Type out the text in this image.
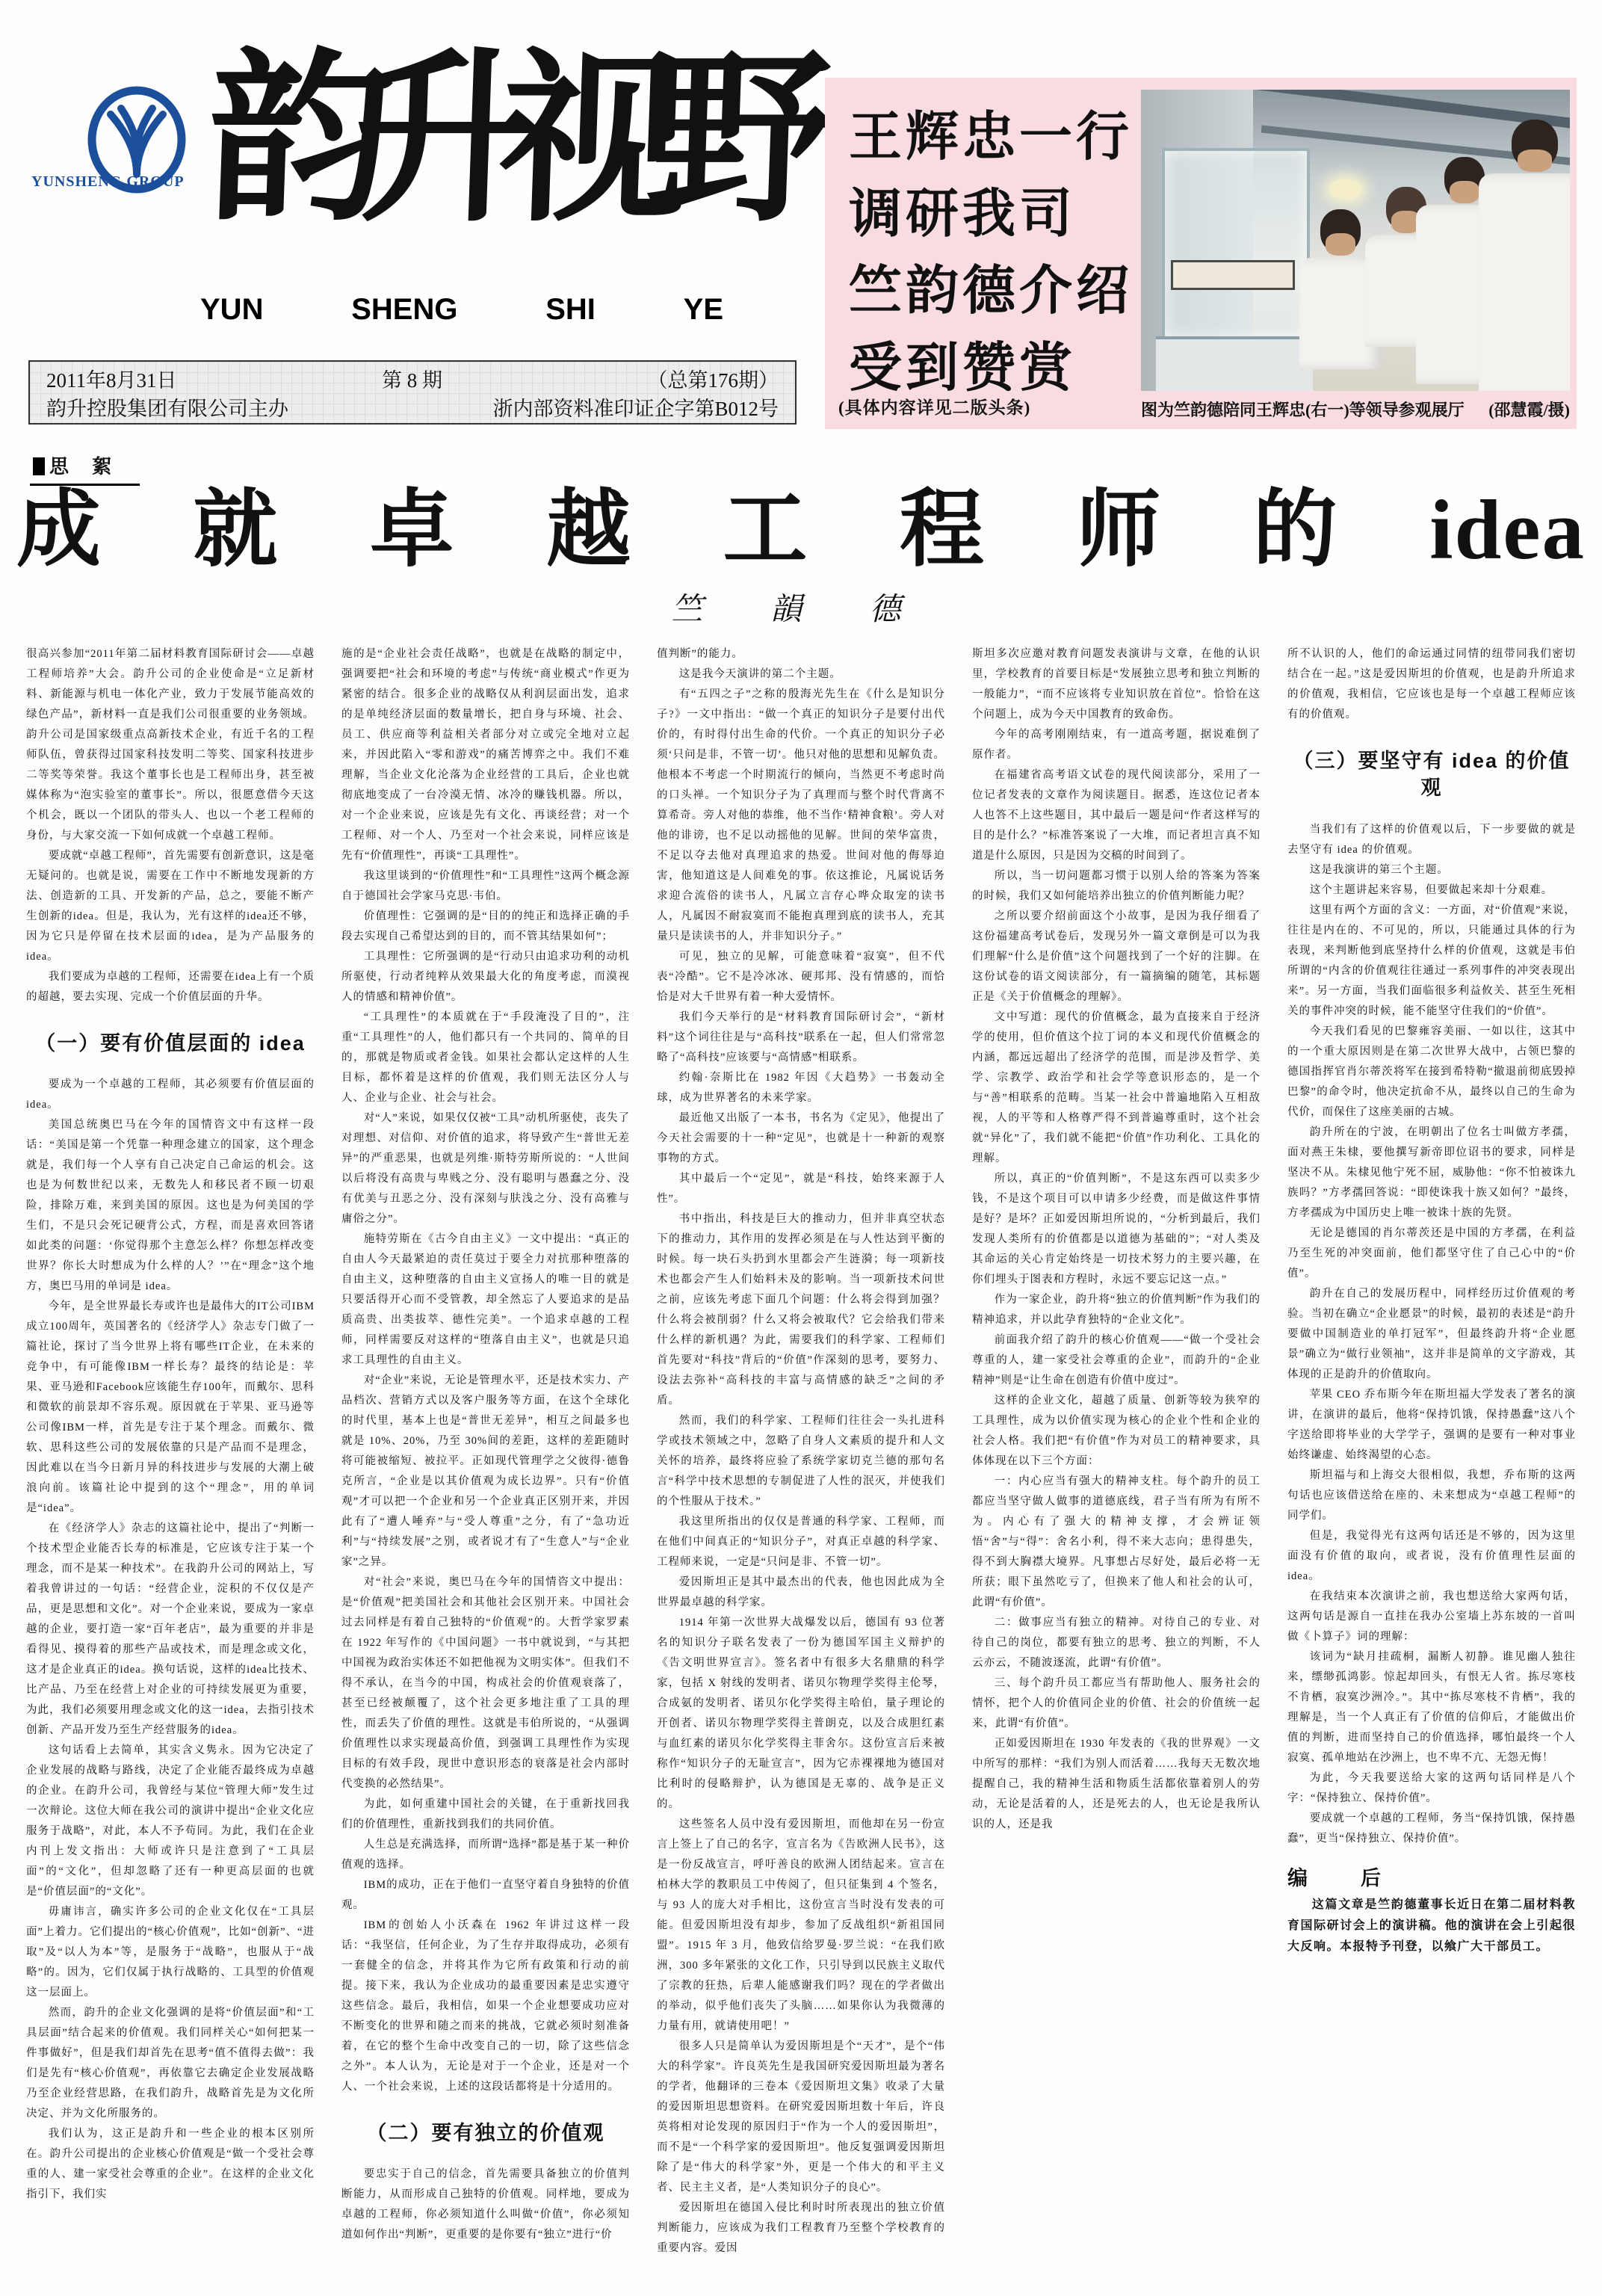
YUNSHENG GROUP 韵升视野
YUN	SHENG	SHI	YE
2011年8月31日	第 8 期	（总第176期）
韵升控股集团有限公司主办	浙内部资料准印证企字第B012号
王辉忠一行
调研我司
竺韵德介绍
受到赞赏
(具体内容详见二版头条)	图为竺韵德陪同王辉忠(右一)等领导参观展厅 (邵慧霞/摄)
思 絮
成 就 卓 越 工 程 师 的 idea
竺 韻 德

很高兴参加“2011年第二届材料教育国际研讨会——卓越工程师培养”大会。韵升公司的企业使命是“立足新材料、新能源与机电一体化产业，致力于发展节能高效的绿色产品”，新材料一直是我们公司很重要的业务领域。韵升公司是国家级重点高新技术企业，有近千名的工程师队伍，曾获得过国家科技发明二等奖、国家科技进步二等奖等荣誉。我这个董事长也是工程师出身，甚至被媒体称为“泡实验室的董事长”。所以，很愿意借今天这个机会，既以一个团队的带头人、也以一个老工程师的身份，与大家交流一下如何成就一个卓越工程师。

要成就“卓越工程师”，首先需要有创新意识，这是毫无疑问的。也就是说，需要在工作中不断地发现新的方法、创造新的工具、开发新的产品，总之，要能不断产生创新的idea。但是，我认为，光有这样的idea还不够，因为它只是停留在技术层面的idea，是为产品服务的idea。

我们要成为卓越的工程师，还需要在idea上有一个质的超越，要去实现、完成一个价值层面的升华。

（一）要有价值层面的 idea

要成为一个卓越的工程师，其必须要有价值层面的idea。

美国总统奥巴马在今年的国情咨文中有这样一段话：“美国是第一个凭靠一种理念建立的国家，这个理念就是，我们每一个人享有自己决定自己命运的机会。这也是为何数世纪以来，无数先人和移民者不顾一切艰险，排除万难，来到美国的原因。这也是为何美国的学生们，不是只会死记硬背公式，方程，而是喜欢回答诸如此类的问题：‘你觉得那个主意怎么样？你想怎样改变世界？你长大时想成为什么样的人？’”在“理念”这个地方，奥巴马用的单词是 idea。

今年，是全世界最长寿或许也是最伟大的IT公司IBM成立100周年，英国著名的《经济学人》杂志专门做了一篇社论，探讨了当今世界上将有哪些IT企业，在未来的竞争中，有可能像IBM一样长寿？最终的结论是：苹果、亚马逊和Facebook应该能生存100年，而戴尔、思科和微软的前景却不容乐观。原因就在于苹果、亚马逊等公司像IBM一样，首先是专注于某个理念。而戴尔、微软、思科这些公司的发展依靠的只是产品而不是理念，因此难以在当今日新月异的科技进步与发展的大潮上破浪向前。该篇社论中提到的这个“理念”，用的单词是“idea”。

在《经济学人》杂志的这篇社论中，提出了“判断一个技术型企业能否长寿的标准是，它应该专注于某一个理念，而不是某一种技术”。在我韵升公司的网站上，写着我曾讲过的一句话：“经营企业，淀积的不仅仅是产品，更是思想和文化”。对一个企业来说，要成为一家卓越的企业，要打造一家“百年老店”，最为重要的并非是看得见、摸得着的那些产品或技术，而是理念或文化，这才是企业真正的idea。换句话说，这样的idea比技术、比产品、乃至在经营上对企业的可持续发展更为重要，为此，我们必须要用理念或文化的这一idea，去指引技术创新、产品开发乃至生产经营服务的idea。

这句话看上去简单，其实含义隽永。因为它决定了企业发展的战略与路线，决定了企业能否最终成为卓越的企业。在韵升公司，我曾经与某位“管理大师”发生过一次辩论。这位大师在我公司的演讲中提出“企业文化应服务于战略”，对此，本人不予苟同。为此，我们在企业内刊上发文指出：大师或许只是注意到了“工具层面”的“文化”，但却忽略了还有一种更高层面的也就是“价值层面”的“文化”。

毋庸讳言，确实许多公司的企业文化仅在“工具层面”上着力。它们提出的“核心价值观”，比如“创新”、“进取”及“以人为本”等，是服务于“战略”，也服从于“战略”的。因为，它们仅属于执行战略的、工具型的价值观这一层面上。

然而，韵升的企业文化强调的是将“价值层面”和“工具层面”结合起来的价值观。我们同样关心“如何把某一件事做好”，但是我们却首先在思考“值不值得去做”：我们是先有“核心价值观”，再依靠它去确定企业发展战略乃至企业经营思路，在我们韵升，战略首先是为文化所决定、并为文化所服务的。

我们认为，这正是韵升和一些企业的根本区别所在。韵升公司提出的企业核心价值观是“做一个受社会尊重的人、建一家受社会尊重的企业”。在这样的企业文化指引下，我们实

施的是“企业社会责任战略”，也就是在战略的制定中，强调要把“社会和环境的考虑”与传统“商业模式”作更为紧密的结合。很多企业的战略仅从利润层面出发，追求的是单纯经济层面的数量增长，把自身与环境、社会、员工、供应商等利益相关者部分对立或完全地对立起来，并因此陷入“零和游戏”的痛苦博弈之中。我们不难理解，当企业文化沦落为企业经营的工具后，企业也就彻底地变成了一台冷漠无情、冰冷的赚钱机器。所以，对一个企业来说，应该是先有文化、再谈经营；对一个工程师、对一个人、乃至对一个社会来说，同样应该是先有“价值理性”，再谈“工具理性”。

我这里谈到的“价值理性”和“工具理性”这两个概念源自于德国社会学家马克思·韦伯。

价值理性：它强调的是“目的的纯正和选择正确的手段去实现自己希望达到的目的，而不管其结果如何”；

工具理性：它所强调的是“行动只由追求功利的动机所驱使，行动者纯粹从效果最大化的角度考虑，而漠视人的情感和精神价值”。

“工具理性”的本质就在于“手段淹没了目的”，注重“工具理性”的人，他们都只有一个共同的、简单的目的，那就是物质或者金钱。如果社会都认定这样的人生目标，都怀着是这样的价值观，我们则无法区分人与人、企业与企业、社会与社会。

对“人”来说，如果仅仅被“工具”动机所驱使，丧失了对理想、对信仰、对价值的追求，将导致产生“普世无差异”的严重恶果，也就是列维·斯特劳斯所说的：“人世间以后将没有高贵与卑贱之分、没有聪明与愚蠢之分、没有优美与丑恶之分、没有深刻与肤浅之分、没有高雅与庸俗之分”。

施特劳斯在《古今自由主义》一文中提出：“真正的自由人今天最紧迫的责任莫过于要全力对抗那种堕落的自由主义，这种堕落的自由主义宣扬人的唯一目的就是只要活得开心而不受管教，却全然忘了人要追求的是品质高贵、出类拔萃、德性完美”。一个追求卓越的工程师，同样需要反对这样的“堕落自由主义”，也就是只追求工具理性的自由主义。

对“企业”来说，无论是管理水平，还是技术实力、产品档次、营销方式以及客户服务等方面，在这个全球化的时代里，基本上也是“普世无差异”，相互之间最多也就是 10%、20%，乃至 30%间的差距，这样的差距随时将可能被缩短、被拉平。正如现代管理学之父彼得·德鲁克所言，“企业是以其价值观为成长边界”。只有“价值观”才可以把一个企业和另一个企业真正区别开来，并因此有了“遭人唾弃”与“受人尊重”之分，有了“急功近利”与“持续发展”之别，或者说才有了“生意人”与“企业家”之异。

对“社会”来说，奥巴马在今年的国情咨文中提出：是“价值观”把美国社会和其他社会区别开来。中国社会过去同样是有着自己独特的“价值观”的。大哲学家罗素在 1922 年写作的《中国问题》一书中就说到，“与其把中国视为政治实体还不如把他视为文明实体”。但我们不得不承认，在当今的中国，构成社会的价值观衰落了，甚至已经被颠覆了，这个社会更多地注重了工具的理性，而丢失了价值的理性。这就是韦伯所说的，“从强调价值理性以求实现最高价值，到强调工具理性作为实现目标的有效手段，现世中意识形态的衰落是社会内部时代变换的必然结果”。

为此，如何重建中国社会的关键，在于重新找回我们的价值理性，重新找到我们的共同价值。

人生总是充满选择，而所谓“选择”都是基于某一种价值观的选择。

IBM的成功，正在于他们一直坚守着自身独特的价值观。

IBM的创始人小沃森在 1962 年讲过这样一段话：“我坚信，任何企业，为了生存并取得成功，必须有一套健全的信念，并将其作为它所有政策和行动的前提。接下来，我认为企业成功的最重要因素是忠实遵守这些信念。最后，我相信，如果一个企业想要成功应对不断变化的世界和随之而来的挑战，它就必须时刻准备着，在它的整个生命中改变自己的一切，除了这些信念之外”。本人认为，无论是对于一个企业，还是对一个人、一个社会来说，上述的这段话都将是十分适用的。

（二）要有独立的价值观

要忠实于自己的信念，首先需要具备独立的价值判断能力，从而形成自己独特的价值观。同样地，要成为卓越的工程师，你必须知道什么叫做“价值”，你必须知道如何作出“判断”，更重要的是你要有“独立”进行“价

值判断”的能力。

这是我今天演讲的第二个主题。

有“五四之子”之称的殷海光先生在《什么是知识分子?》一文中指出：“做一个真正的知识分子是要付出代价的，有时得付出生命的代价。一个真正的知识分子必须‘只问是非，不管一切’。他只对他的思想和见解负责。他根本不考虑一个时期流行的倾向，当然更不考虑时尚的口头禅。一个知识分子为了真理而与整个时代背离不算希奇。旁人对他的恭维，他不当作‘精神食粮’。旁人对他的诽谤，也不足以动摇他的见解。世间的荣华富贵，不足以夺去他对真理追求的热爱。世间对他的侮辱迫害，他知道这是人间难免的事。依这推论，凡属说话务求迎合流俗的读书人，凡属立言存心哗众取宠的读书人，凡属因不耐寂寞而不能抱真理到底的读书人，充其量只是读读书的人，并非知识分子。”

可见，独立的见解，可能意味着“寂寞”，但不代表“冷酷”。它不是冷冰冰、硬邦邦、没有情感的，而恰恰是对大千世界有着一种大爱情怀。

我们今天举行的是“材料教育国际研讨会”，“新材料”这个词往往是与“高科技”联系在一起，但人们常常忽略了“高科技”应该要与“高情感”相联系。

约翰·奈斯比在 1982 年因《大趋势》一书轰动全球，成为世界著名的未来学家。

最近他又出版了一本书，书名为《定见》，他提出了今天社会需要的十一种“定见”，也就是十一种新的观察事物的方式。

其中最后一个“定见”，就是“科技，始终来源于人性”。

书中指出，科技是巨大的推动力，但并非真空状态下的推动力，其作用的发挥必须是在与人性达到平衡的时候。每一块石头扔到水里都会产生涟漪；每一项新技术也都会产生人们始料未及的影响。当一项新技术问世之前，应该先考虑下面几个问题：什么将会得到加强？什么将会被削弱？什么又将会被取代？它会给我们带来什么样的新机遇？为此，需要我们的科学家、工程师们首先要对“科技”背后的“价值”作深刻的思考，要努力、设法去弥补“高科技的丰富与高情感的缺乏”之间的矛盾。

然而，我们的科学家、工程师们往往会一头扎进科学或技术领域之中，忽略了自身人文素质的提升和人文关怀的培养，最终将应验了系统学家切克兰德的那句名言“科学中技术思想的专制促进了人性的泯灭，并使我们的个性服从于技术。”

我这里所指出的仅仅是普通的科学家、工程师，而在他们中间真正的“知识分子”，对真正卓越的科学家、工程师来说，一定是“只问是非、不管一切”。

爱因斯坦正是其中最杰出的代表，他也因此成为全世界最卓越的科学家。

1914 年第一次世界大战爆发以后，德国有 93 位著名的知识分子联名发表了一份为德国军国主义辩护的《告文明世界宣言》。签名者中有很多大名鼎鼎的科学家，包括 X 射线的发明者、诺贝尔物理学奖得主伦琴，合成氨的发明者、诺贝尔化学奖得主哈伯，量子理论的开创者、诺贝尔物理学奖得主普朗克，以及合成胆红素与血红素的诺贝尔化学奖得主菲舍尔。这份宣言后来被称作“知识分子的无耻宣言”，因为它赤裸裸地为德国对比利时的侵略辩护，认为德国是无辜的、战争是正义的。

这些签名人员中没有爱因斯坦，而他却在另一份宣言上签上了自己的名字，宣言名为《告欧洲人民书》，这是一份反战宣言，呼吁善良的欧洲人团结起来。宣言在柏林大学的教职员工中传阅了，但只征集到 4 个签名，与 93 人的庞大对手相比，这份宣言当时没有发表的可能。但爱因斯坦没有却步，参加了反战组织“新祖国同盟”。1915 年 3 月，他致信给罗曼·罗兰说：“在我们欧洲，300 多年紧张的文化工作，只引导到以民族主义取代了宗教的狂热，后辈人能感谢我们吗？现在的学者做出的举动，似乎他们丧失了头脑……如果你认为我微薄的力量有用，就请使用吧！”

很多人只是简单认为爱因斯坦是个“天才”，是个“伟大的科学家”。许良英先生是我国研究爱因斯坦最为著名的学者，他翻译的三卷本《爱因斯坦文集》收录了大量的爱因斯坦思想资料。在研究爱因斯坦数十年后，许良英将相对论发现的原因归于“作为一个人的爱因斯坦”，而不是“一个科学家的爱因斯坦”。他反复强调爱因斯坦除了是“伟大的科学家”外，更是一个伟大的和平主义者、民主主义者，是“人类知识分子的良心”。

爱因斯坦在德国入侵比利时时所表现出的独立价值判断能力，应该成为我们工程教育乃至整个学校教育的重要内容。爱因

斯坦多次应邀对教育问题发表演讲与文章，在他的认识里，学校教育的首要目标是“发展独立思考和独立判断的一般能力”，“而不应该将专业知识放在首位”。恰恰在这个问题上，成为今天中国教育的致命伤。

今年的高考刚刚结束，有一道高考题，据说难倒了原作者。

在福建省高考语文试卷的现代阅读部分，采用了一位记者发表的文章作为阅读题目。据悉，连这位记者本人也答不上这些题目，其中最后一题是问“作者这样写的目的是什么？”标准答案说了一大堆，而记者坦言真不知道是什么原因，只是因为交稿的时间到了。

所以，当一切问题都习惯于以别人给的答案为答案的时候，我们又如何能培养出独立的价值判断能力呢？

之所以要介绍前面这个小故事，是因为我仔细看了这份福建高考试卷后，发现另外一篇文章倒是可以为我们理解“什么是价值”这个问题找到了一个好的注脚。在这份试卷的语文阅读部分，有一篇摘编的随笔，其标题正是《关于价值概念的理解》。

文中写道：现代的价值概念，最为直接来自于经济学的使用，但价值这个拉丁词的本义和现代价值概念的内涵，都远远超出了经济学的范围，而是涉及哲学、美学、宗教学、政治学和社会学等意识形态的，是一个与“善”相联系的范畴。当某一社会中普遍地陷入互相敌视，人的平等和人格尊严得不到普遍尊重时，这个社会就“异化”了，我们就不能把“价值”作功利化、工具化的理解。

所以，真正的“价值判断”，不是这东西可以卖多少钱，不是这个项目可以申请多少经费，而是做这件事情是好？是坏？正如爱因斯坦所说的，“分析到最后，我们发现人类所有的价值都是以道德为基础的”；“对人类及其命运的关心肯定始终是一切技术努力的主要兴趣，在你们埋头于图表和方程时，永远不要忘记这一点。”

作为一家企业，韵升将“独立的价值判断”作为我们的精神追求，并以此孕育独特的“企业文化”。

前面我介绍了韵升的核心价值观——“做一个受社会尊重的人，建一家受社会尊重的企业”，而韵升的“企业精神”则是“让生命在创造有价值中度过”。

这样的企业文化，超越了质量、创新等较为狭窄的工具理性，成为以价值实现为核心的企业个性和企业的社会人格。我们把“有价值”作为对员工的精神要求，具体体现在以下三个方面：

一：内心应当有强大的精神支柱。每个韵升的员工都应当坚守做人做事的道德底线，君子当有所为有所不为。内心有了强大的精神支撑，才会辨证领悟“舍”与“得”：舍名小利，得不来大志向；患得患失，得不到大胸襟大境界。凡事想占尽好处，最后必将一无所获；眼下虽然吃亏了，但换来了他人和社会的认可，此谓“有价值”。

二：做事应当有独立的精神。对待自己的专业、对待自己的岗位，都要有独立的思考、独立的判断，不人云亦云，不随波逐流，此谓“有价值”。

三、每个韵升员工都应当有帮助他人、服务社会的情怀，把个人的价值同企业的价值、社会的价值统一起来，此谓“有价值”。

正如爱因斯坦在 1930 年发表的《我的世界观》一文中所写的那样：“我们为别人而活着……我每天无数次地提醒自己，我的精神生活和物质生活都依靠着别人的劳动，无论是活着的人，还是死去的人，也无论是我所认识的人，还是我

所不认识的人，他们的命运通过同情的纽带同我们密切结合在一起。”这是爱因斯坦的价值观，也是韵升所追求的价值观，我相信，它应该也是每一个卓越工程师应该有的价值观。

（三）要坚守有 idea 的价值观

当我们有了这样的价值观以后，下一步要做的就是去坚守有 idea 的价值观。

这是我演讲的第三个主题。

这个主题讲起来容易，但要做起来却十分艰难。

这里有两个方面的含义：一方面，对“价值观”来说，往往是内在的、不可见的，所以，只能通过具体的行为表现，来判断他到底坚持什么样的价值观，这就是韦伯所谓的“内含的价值观往往通过一系列事件的冲突表现出来”。另一方面，当我们面临很多利益攸关、甚至生死相关的事件冲突的时候，能不能坚守住我们的“价值”。

今天我们看见的巴黎雍容美丽、一如以往，这其中的一个重大原因则是在第二次世界大战中，占领巴黎的德国指挥官肖尔蒂茨将军在接到希特勒“撤退前彻底毁掉巴黎”的命令时，他决定抗命不从，最终以自己的生命为代价，而保住了这座美丽的古城。

韵升所在的宁波，在明朝出了位名士叫做方孝孺，面对燕王朱棣，要他撰写新帝即位诏书的要求，同样是坚决不从。朱棣见他宁死不屈，威胁他：“你不怕被诛九族吗？”方孝孺回答说：“即使诛我十族又如何？”最终，方孝孺成为中国历史上唯一被诛十族的先贤。

无论是德国的肖尔蒂茨还是中国的方孝孺，在利益乃至生死的冲突面前，他们都坚守住了自己心中的“价值”。

韵升在自己的发展历程中，同样经历过价值观的考验。当初在确立“企业愿景”的时候，最初的表述是“韵升要做中国制造业的单打冠军”，但最终韵升将“企业愿景”确立为“做行业领袖”，这并非是简单的文字游戏，其体现的正是韵升的价值取向。

苹果 CEO 乔布斯今年在斯坦福大学发表了著名的演讲，在演讲的最后，他将“保持饥饿，保持愚蠢”这八个字送给即将毕业的大学学子，强调的是要有一种对事业始终谦虚、始终渴望的心态。

斯坦福与和上海交大很相似，我想，乔布斯的这两句话也应该借送给在座的、未来想成为“卓越工程师”的同学们。

但是，我觉得光有这两句话还是不够的，因为这里面没有价值的取向，或者说，没有价值理性层面的 idea。

在我结束本次演讲之前，我也想送给大家两句话，这两句话是源自一直挂在我办公室墙上苏东坡的一首叫做《卜算子》词的理解：

该词为“缺月挂疏桐，漏断人初静。谁见幽人独往来，缥缈孤鸿影。惊起却回头，有恨无人省。拣尽寒枝不肯栖，寂寞沙洲冷。”。其中“拣尽寒枝不肯栖”，我的理解是，当一个人真正有了价值的信仰后，才能做出价值的判断，进而坚持自己的价值选择，哪怕最终一个人寂寞、孤单地站在沙洲上，也不卑不亢、无怨无悔！

为此，今天我要送给大家的这两句话同样是八个字：“保持独立、保持价值”。

要成就一个卓越的工程师，务当“保持饥饿，保持愚蠢”，更当“保持独立、保持价值”。

编　后

这篇文章是竺韵德董事长近日在第二届材料教育国际研讨会上的演讲稿。他的演讲在会上引起很大反响。本报特予刊登，以飨广大干部员工。
